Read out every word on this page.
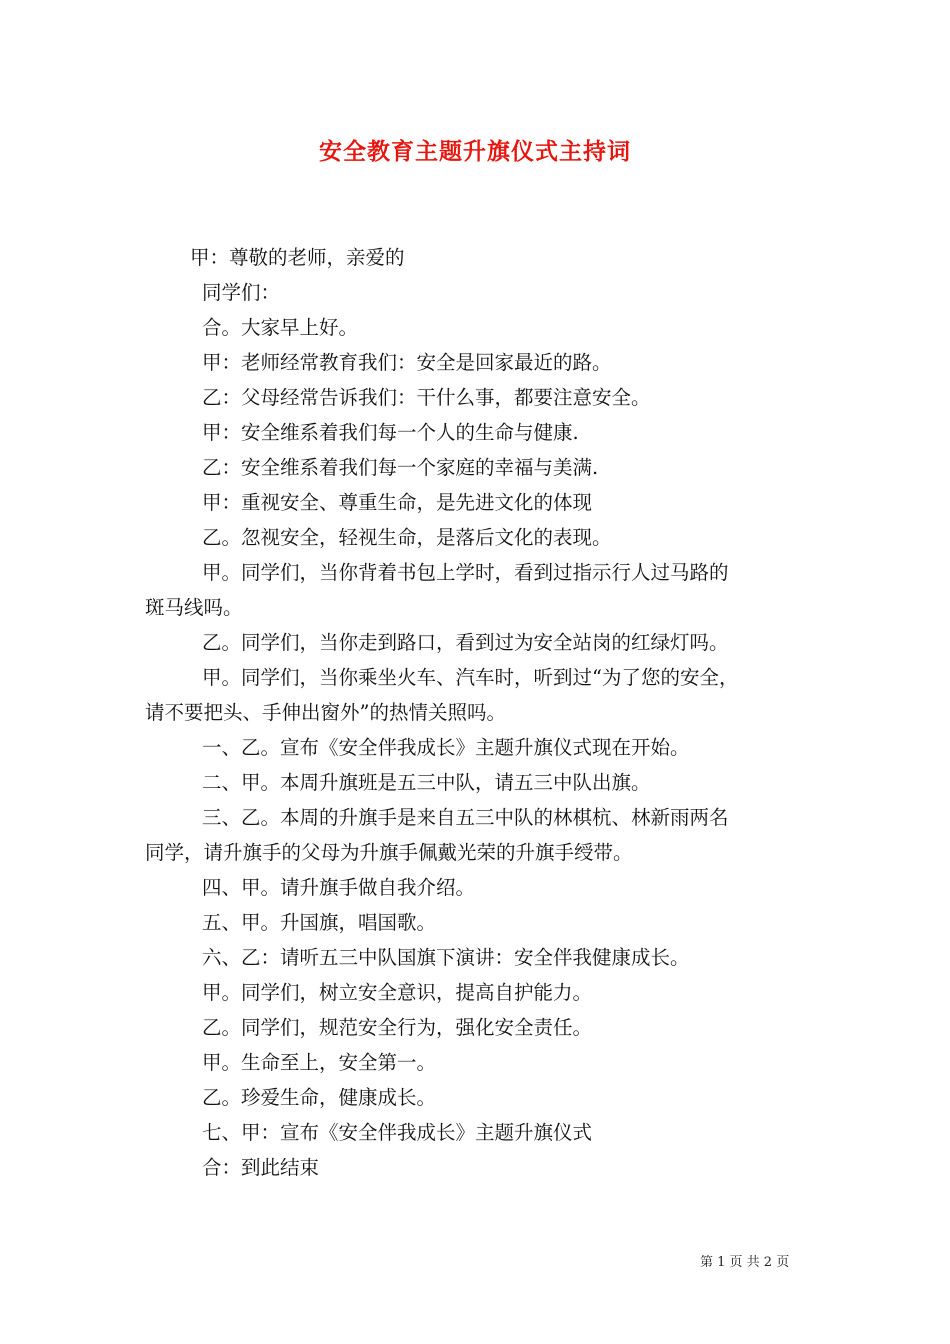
安全教育主题升旗仪式主持词
甲：尊敬的老师，亲爱的
同学们：
合。大家早上好。
甲：老师经常教育我们：安全是回家最近的路。
乙：父母经常告诉我们：干什么事，都要注意安全。
甲：安全维系着我们每一个人的生命与健康.
乙：安全维系着我们每一个家庭的幸福与美满.
甲：重视安全、尊重生命，是先进文化的体现
乙。忽视安全，轻视生命，是落后文化的表现。
甲。同学们，当你背着书包上学时，看到过指示行人过马路的
斑马线吗。
乙。同学们，当你走到路口，看到过为安全站岗的红绿灯吗。
甲。同学们，当你乘坐火车、汽车时，听到过“为了您的安全，
请不要把头、手伸出窗外”的热情关照吗。
一、乙。宣布《安全伴我成长》主题升旗仪式现在开始。
二、甲。本周升旗班是五三中队，请五三中队出旗。
三、乙。本周的升旗手是来自五三中队的林棋杭、林新雨两名
同学，请升旗手的父母为升旗手佩戴光荣的升旗手绶带。
四、甲。请升旗手做自我介绍。
五、甲。升国旗，唱国歌。
六、乙：请听五三中队国旗下演讲：安全伴我健康成长。
甲。同学们，树立安全意识，提高自护能力。
乙。同学们，规范安全行为，强化安全责任。
甲。生命至上，安全第一。
乙。珍爱生命，健康成长。
七、甲：宣布《安全伴我成长》主题升旗仪式
合：到此结束
第 1 页 共 2 页
